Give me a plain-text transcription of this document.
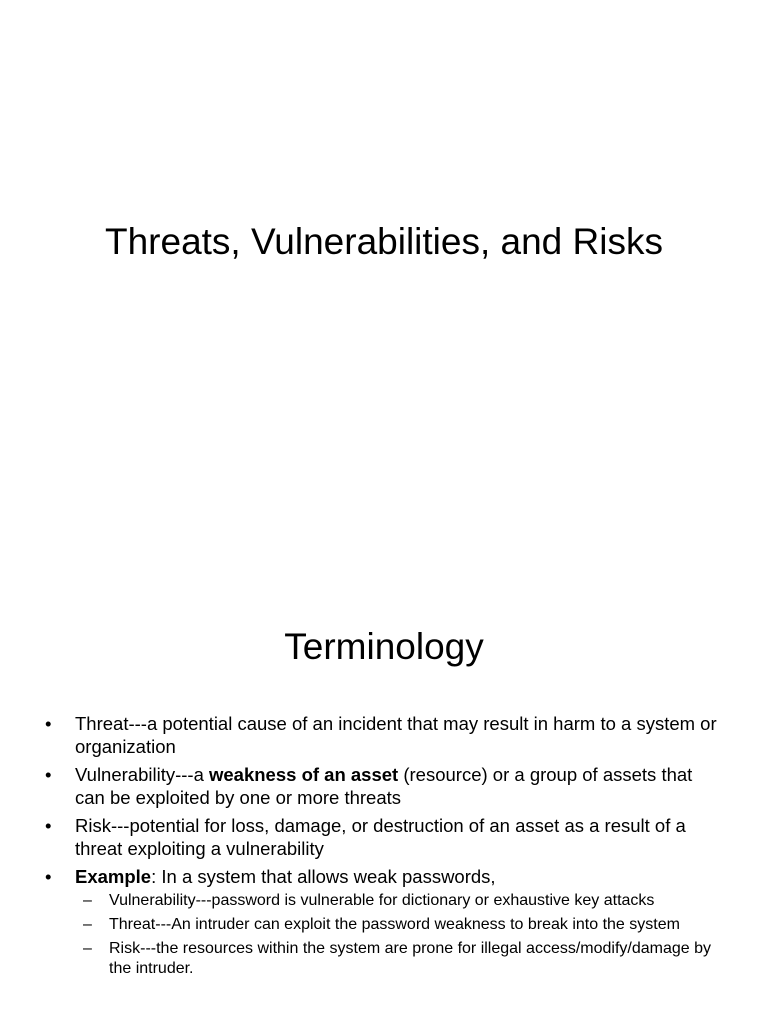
Threats, Vulnerabilities, and Risks
Terminology
• Threat---a potential cause of an incident that may result in harm to a system or organization
• Vulnerability---a weakness of an asset (resource) or a group of assets that can be exploited by one or more threats
• Risk---potential for loss, damage, or destruction of an asset as a result of a threat exploiting a vulnerability
• Example: In a system that allows weak passwords,
– Vulnerability---password is vulnerable for dictionary or exhaustive key attacks
– Threat---An intruder can exploit the password weakness to break into the system
– Risk---the resources within the system are prone for illegal access/modify/damage by the intruder.
